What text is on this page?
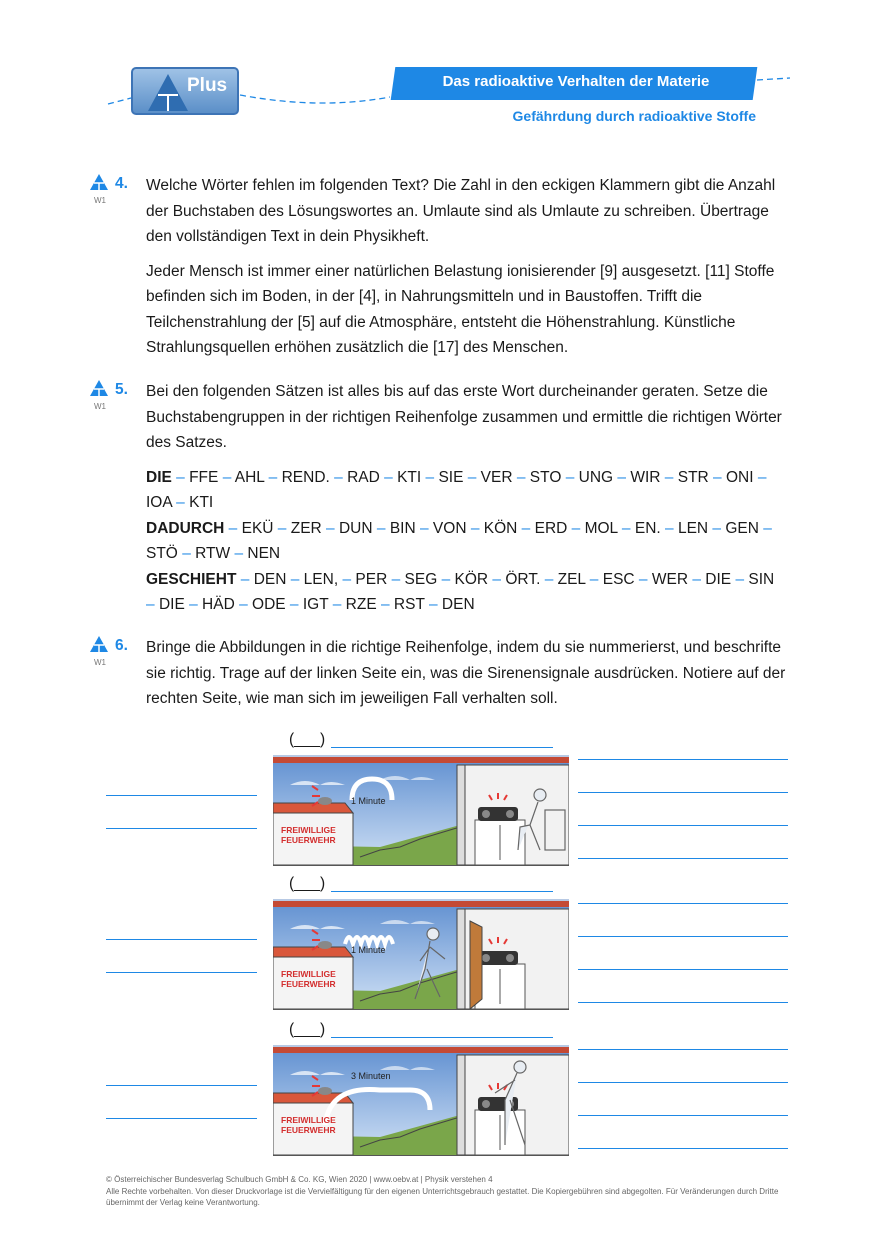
Plus	Das radioaktive Verhalten der Materie
Gefährdung durch radioaktive Stoffe
W1
4. Welche Wörter fehlen im folgenden Text? Die Zahl in den eckigen Klammern gibt die Anzahl der Buchstaben des Lösungswortes an. Umlaute sind als Umlaute zu schreiben. Übertrage den vollständigen Text in dein Physikheft.

Jeder Mensch ist immer einer natürlichen Belastung ionisierender [9] ausgesetzt. [11] Stoffe befinden sich im Boden, in der [4], in Nahrungsmitteln und in Baustoffen. Trifft die Teilchenstrahlung der [5] auf die Atmosphäre, entsteht die Höhenstrahlung. Künstliche Strahlungsquellen erhöhen zusätzlich die [17] des Menschen.

W1
5. Bei den folgenden Sätzen ist alles bis auf das erste Wort durcheinander geraten. Setze die Buchstabengruppen in der richtigen Reihenfolge zusammen und ermittle die richtigen Wörter des Satzes.

DIE – FFE – AHL – REND. – RAD – KTI – SIE – VER – STO – UNG – WIR – STR – ONI – IOA – KTI
DADURCH – EKÜ – ZER – DUN – BIN – VON – KÖN – ERD – MOL – EN. – LEN – GEN – STÖ – RTW – NEN
GESCHIEHT – DEN – LEN, – PER – SEG – KÖR – ÖRT. – ZEL – ESC – WER – DIE – SIN – DIE – HÄD – ODE – IGT – RZE – RST – DEN
W1
6. Bringe die Abbildungen in die richtige Reihenfolge, indem du sie nummerierst, und beschrifte sie richtig. Trage auf der linken Seite ein, was die Sirenensignale ausdrücken. Notiere auf der rechten Seite, wie man sich im jeweiligen Fall verhalten soll.

(___)
1 Minute
FREIWILLIGE
FEUERWEHR
(___)
1 Minute
FREIWILLIGE
FEUERWEHR
(___)
3 Minuten
FREIWILLIGE
FEUERWEHR
© Österreichischer Bundesverlag Schulbuch GmbH & Co. KG, Wien 2020 | www.oebv.at | Physik verstehen 4
Alle Rechte vorbehalten. Von dieser Druckvorlage ist die Vervielfältigung für den eigenen Unterrichtsgebrauch gestattet. Die Kopiergebühren sind abgegolten. Für Veränderungen durch Dritte übernimmt der Verlag keine Verantwortung.
